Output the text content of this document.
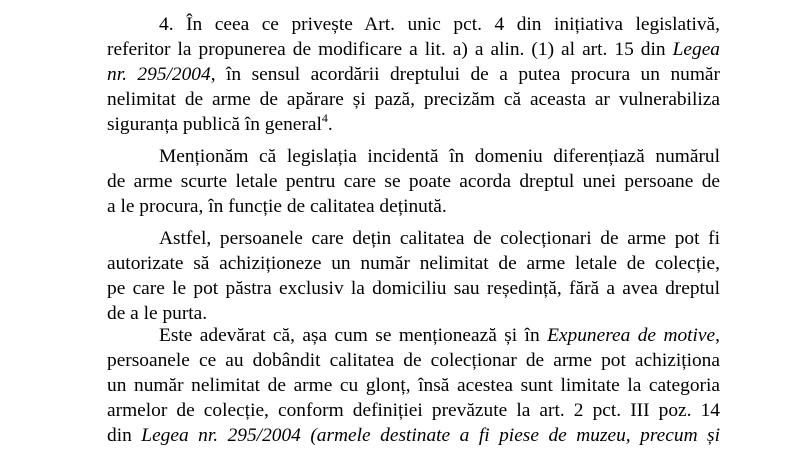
4. În ceea ce privește Art. unic pct. 4 din inițiativa legislativă,
referitor la propunerea de modificare a lit. a) a alin. (1) al art. 15 din Legea
nr. 295/2004, în sensul acordării dreptului de a putea procura un număr
nelimitat de arme de apărare și pază, precizăm că aceasta ar vulnerabiliza
siguranța publică în general$^4$.
Menționăm că legislația incidentă în domeniu diferențiază numărul
de arme scurte letale pentru care se poate acorda dreptul unei persoane de
a le procura, în funcție de calitatea deținută.
Astfel, persoanele care dețin calitatea de colecționari de arme pot fi
autorizate să achiziționeze un număr nelimitat de arme letale de colecție,
pe care le pot păstra exclusiv la domiciliu sau reședință, fără a avea dreptul
de a le purta.
Este adevărat că, așa cum se menționează și în Expunerea de motive,
persoanele ce au dobândit calitatea de colecționar de arme pot achiziționa
un număr nelimitat de arme cu glonț, însă acestea sunt limitate la categoria
armelor de colecție, conform definiției prevăzute la art. 2 pct. III poz. 14
din Legea nr. 295/2004 (armele destinate a fi piese de muzeu, precum și
